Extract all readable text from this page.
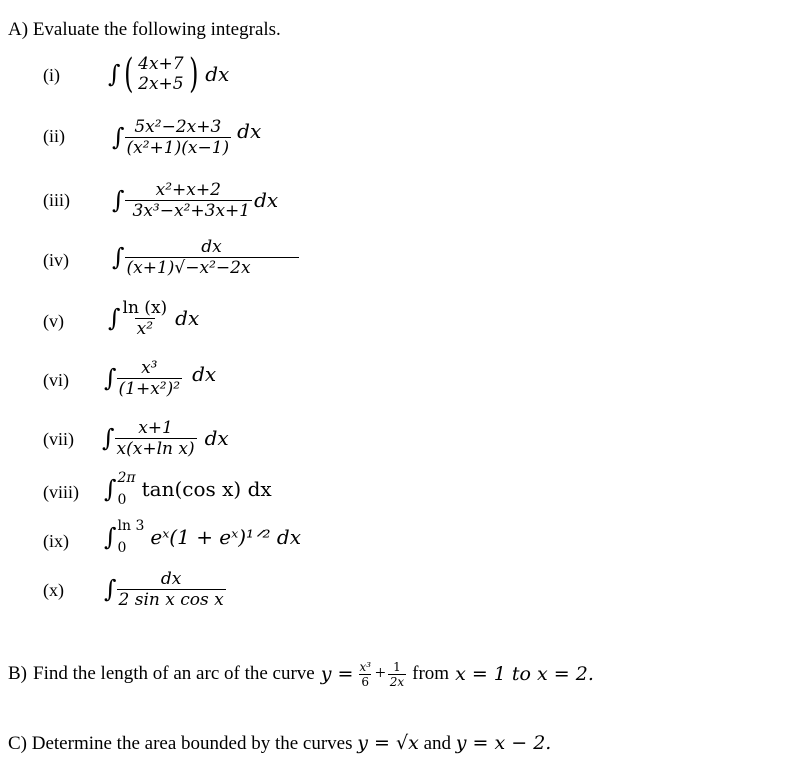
A) Evaluate the following integrals.
(i) ∫ ( 4x+7
2x+5 ) dx
(ii) ∫ $\frac{\text{5x²−2x+3}}{\text{(x²+1)(x−1)}}$ dx
(iii) ∫ $\frac{\text{x²+x+2}}{\text{3x³−x²+3x+1}}$ dx
(iv) ∫ $\frac{dx}{\text{(x+1)√−x²−2x}}$
(v) ∫ $\frac{\ln (x)}{\text{x²}}$ dx
(vi) ∫ $\frac{\text{x³}}{\text{(1+x²)²}}$ dx
(vii) ∫ $\frac{x+1}{\text{x(x+ln x)}}$ dx
(viii) ∫ 2π
0 tan(cos x) dx
(ix) ∫ ln 3
0	eˣ(1 + eˣ)¹ᐟ² dx
(x) ∫ $\frac{dx}{\text{2 sin x cos x}}$
B) Find the length of an arc of the curve $y = \frac{\text{x³}}{6} + \frac{1}{2x}$ from x = 1 to x = 2.
C) Determine the area bounded by the curves y = √x and y = x − 2.
